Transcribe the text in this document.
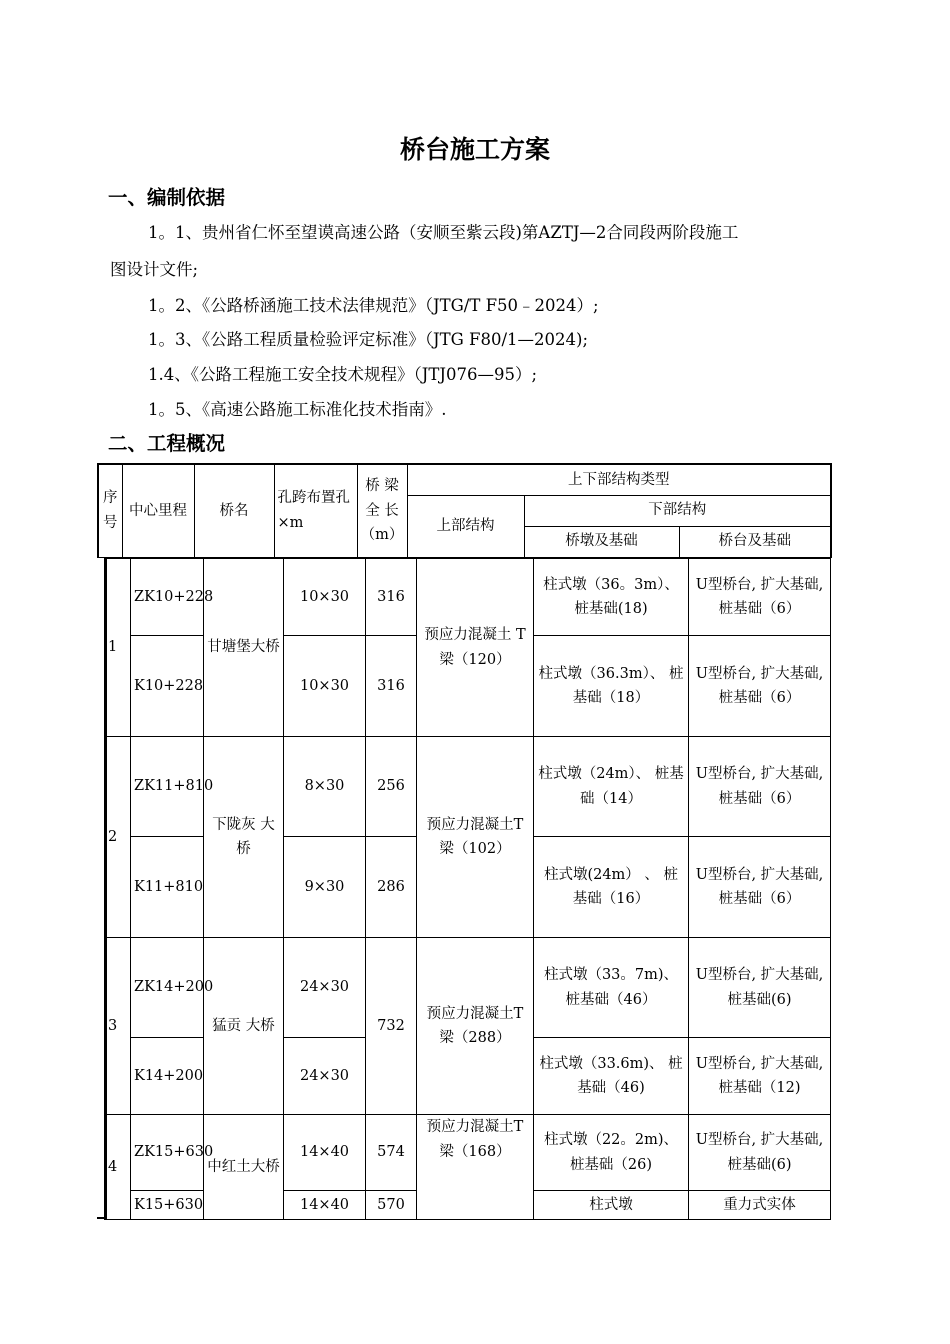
桥台施工方案
一、编制依据
1。1、贵州省仁怀至望谟高速公路（安顺至紫云段)第AZTJ—2合同段两阶段施工
图设计文件;
1。2、《公路桥涵施工技术法律规范》（JTG/T F50﹣2024）;
1。3、《公路工程质量检验评定标准》（JTG F80/1—2024);
1.4、《公路工程施工安全技术规程》（JTJ076—95）;
1。5、《高速公路施工标准化技术指南》.
二、工程概况
序号	中心里程	桥名	孔跨布置孔×m	桥 梁全 长（m）	上下部结构类型		
					上部结构	下部结构	
						桥墩及基础	桥台及基础
1	ZK10+228	甘塘堡大桥	10×30	316	预应力混凝土 T梁（120）	柱式墩（36。3m）、 桩基础(18)	U型桥台, 扩大基础, 桩基础（6）
	K10+228		10×30	316		柱式墩（36.3m）、 桩基础（18）	U型桥台, 扩大基础, 桩基础（6）
2	ZK11+810	下陇灰 大桥	8×30	256	预应力混凝土T梁（102）	柱式墩（24m）、 桩基础（14）	U型桥台, 扩大基础,桩基础（6）
	K11+810		9×30	286		柱式墩(24m） 、 桩基础（16）	U型桥台, 扩大基础, 桩基础（6）
3	ZK14+200	猛贡 大桥	24×30	732	预应力混凝土T梁（288）	柱式墩（33。7m)、 桩基础（46）	U型桥台, 扩大基础, 桩基础(6)
	K14+200		24×30			柱式墩（33.6m)、 桩基础（46)	U型桥台, 扩大基础, 桩基础（12)
4	ZK15+630	中红土大桥	14×40	574	预应力混凝土T梁（168）	柱式墩（22。2m)、 桩基础（26)	U型桥台, 扩大基础,桩基础(6)
	K15+630		14×40	570		柱式墩	重力式实体
